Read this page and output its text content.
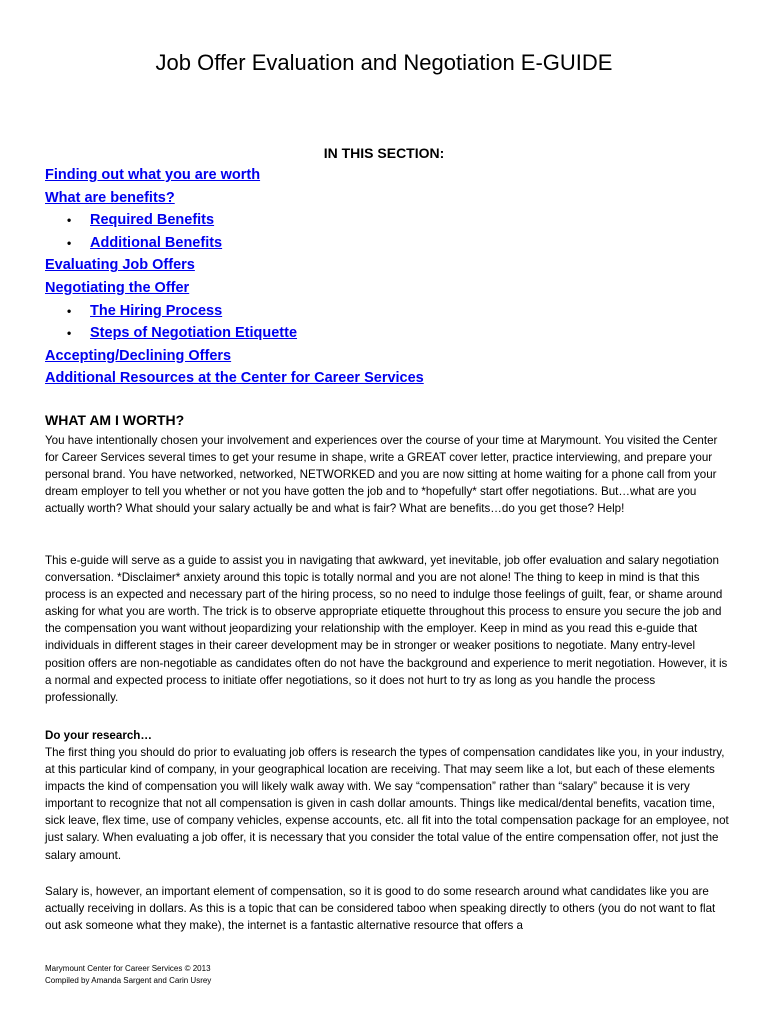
Job Offer Evaluation and Negotiation E-GUIDE
IN THIS SECTION:
Finding out what you are worth
What are benefits?
• Required Benefits
• Additional Benefits
Evaluating Job Offers
Negotiating the Offer
• The Hiring Process
• Steps of Negotiation Etiquette
Accepting/Declining Offers
Additional Resources at the Center for Career Services
WHAT AM I WORTH?

You have intentionally chosen your involvement and experiences over the course of your time at Marymount. You visited the Center for Career Services several times to get your resume in shape, write a GREAT cover letter, practice interviewing, and prepare your personal brand. You have networked, networked, NETWORKED and you are now sitting at home waiting for a phone call from your dream employer to tell you whether or not you have gotten the job and to *hopefully* start offer negotiations. But…what are you actually worth? What should your salary actually be and what is fair? What are benefits…do you get those? Help!

This e-guide will serve as a guide to assist you in navigating that awkward, yet inevitable, job offer evaluation and salary negotiation conversation. *Disclaimer* anxiety around this topic is totally normal and you are not alone! The thing to keep in mind is that this process is an expected and necessary part of the hiring process, so no need to indulge those feelings of guilt, fear, or shame around asking for what you are worth. The trick is to observe appropriate etiquette throughout this process to ensure you secure the job and the compensation you want without jeopardizing your relationship with the employer. Keep in mind as you read this e-guide that individuals in different stages in their career development may be in stronger or weaker positions to negotiate. Many entry-level position offers are non-negotiable as candidates often do not have the background and experience to merit negotiation. However, it is a normal and expected process to initiate offer negotiations, so it does not hurt to try as long as you handle the process professionally.

Do your research…

The first thing you should do prior to evaluating job offers is research the types of compensation candidates like you, in your industry, at this particular kind of company, in your geographical location are receiving. That may seem like a lot, but each of these elements impacts the kind of compensation you will likely walk away with. We say “compensation” rather than “salary” because it is very important to recognize that not all compensation is given in cash dollar amounts. Things like medical/dental benefits, vacation time, sick leave, flex time, use of company vehicles, expense accounts, etc. all fit into the total compensation package for an employee, not just salary. When evaluating a job offer, it is necessary that you consider the total value of the entire compensation offer, not just the salary amount.

Salary is, however, an important element of compensation, so it is good to do some research around what candidates like you are actually receiving in dollars. As this is a topic that can be considered taboo when speaking directly to others (you do not want to flat out ask someone what they make), the internet is a fantastic alternative resource that offers a

Marymount Center for Career Services © 2013
Compiled by Amanda Sargent and Carin Usrey
